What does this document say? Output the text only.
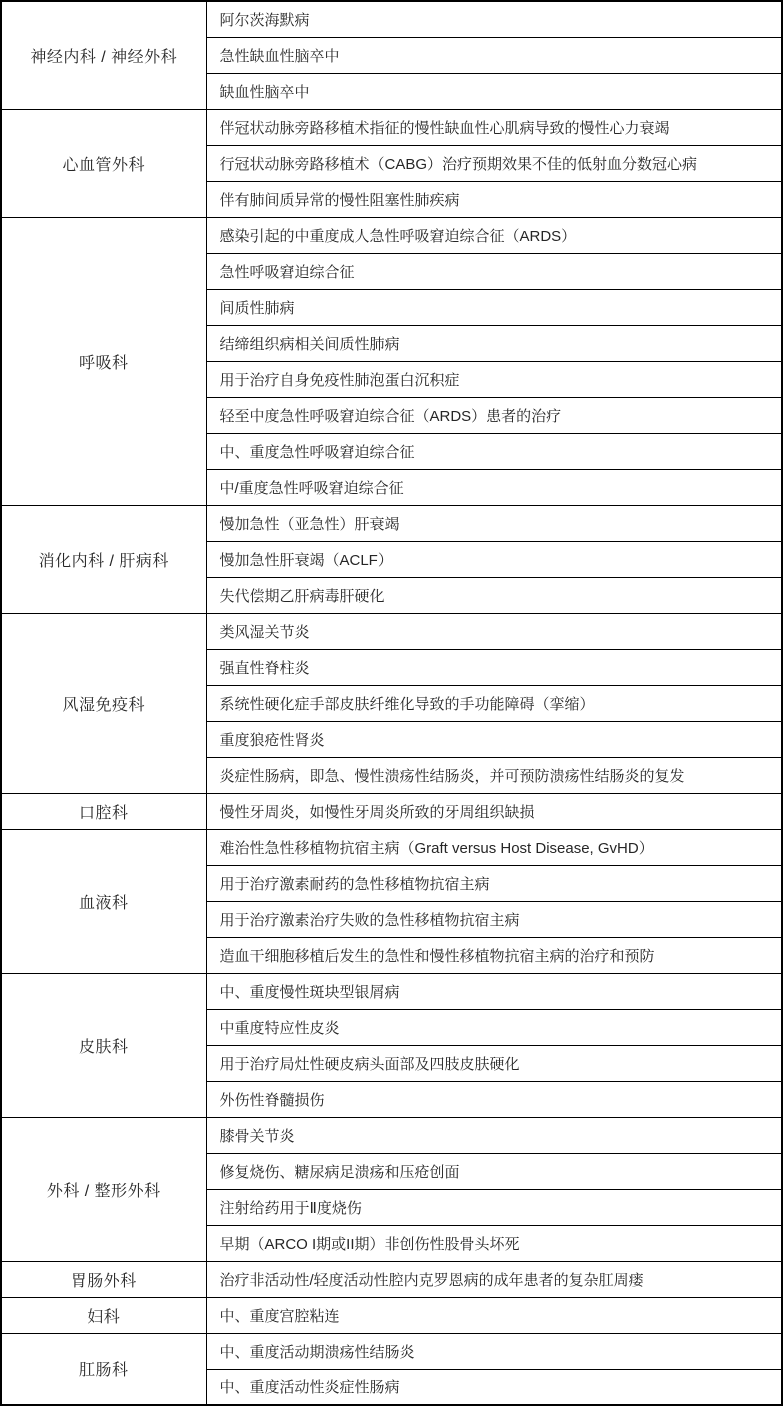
神经内科 / 神经外科	阿尔茨海默病
	急性缺血性脑卒中
	缺血性脑卒中
心血管外科	伴冠状动脉旁路移植术指征的慢性缺血性心肌病导致的慢性心力衰竭
	行冠状动脉旁路移植术（CABG）治疗预期效果不佳的低射血分数冠心病
	伴有肺间质异常的慢性阻塞性肺疾病
呼吸科	感染引起的中重度成人急性呼吸窘迫综合征（ARDS）
	急性呼吸窘迫综合征
	间质性肺病
	结缔组织病相关间质性肺病
	用于治疗自身免疫性肺泡蛋白沉积症
	轻至中度急性呼吸窘迫综合征（ARDS）患者的治疗
	中、重度急性呼吸窘迫综合征
	中/重度急性呼吸窘迫综合征
消化内科 / 肝病科	慢加急性（亚急性）肝衰竭
	慢加急性肝衰竭（ACLF）
	失代偿期乙肝病毒肝硬化
风湿免疫科	类风湿关节炎
	强直性脊柱炎
	系统性硬化症手部皮肤纤维化导致的手功能障碍（挛缩）
	重度狼疮性肾炎
	炎症性肠病，即急、慢性溃疡性结肠炎，并可预防溃疡性结肠炎的复发
口腔科	慢性牙周炎，如慢性牙周炎所致的牙周组织缺损
血液科	难治性急性移植物抗宿主病（Graft versus Host Disease, GvHD）
	用于治疗激素耐药的急性移植物抗宿主病
	用于治疗激素治疗失败的急性移植物抗宿主病
	造血干细胞移植后发生的急性和慢性移植物抗宿主病的治疗和预防
皮肤科	中、重度慢性斑块型银屑病
	中重度特应性皮炎
	用于治疗局灶性硬皮病头面部及四肢皮肤硬化
	外伤性脊髓损伤
外科 / 整形外科	膝骨关节炎
	修复烧伤、糖尿病足溃疡和压疮创面
	注射给药用于Ⅱ度烧伤
	早期（ARCO I期或II期）非创伤性股骨头坏死
胃肠外科	治疗非活动性/轻度活动性腔内克罗恩病的成年患者的复杂肛周瘘
妇科	中、重度宫腔粘连
肛肠科	中、重度活动期溃疡性结肠炎
	中、重度活动性炎症性肠病
